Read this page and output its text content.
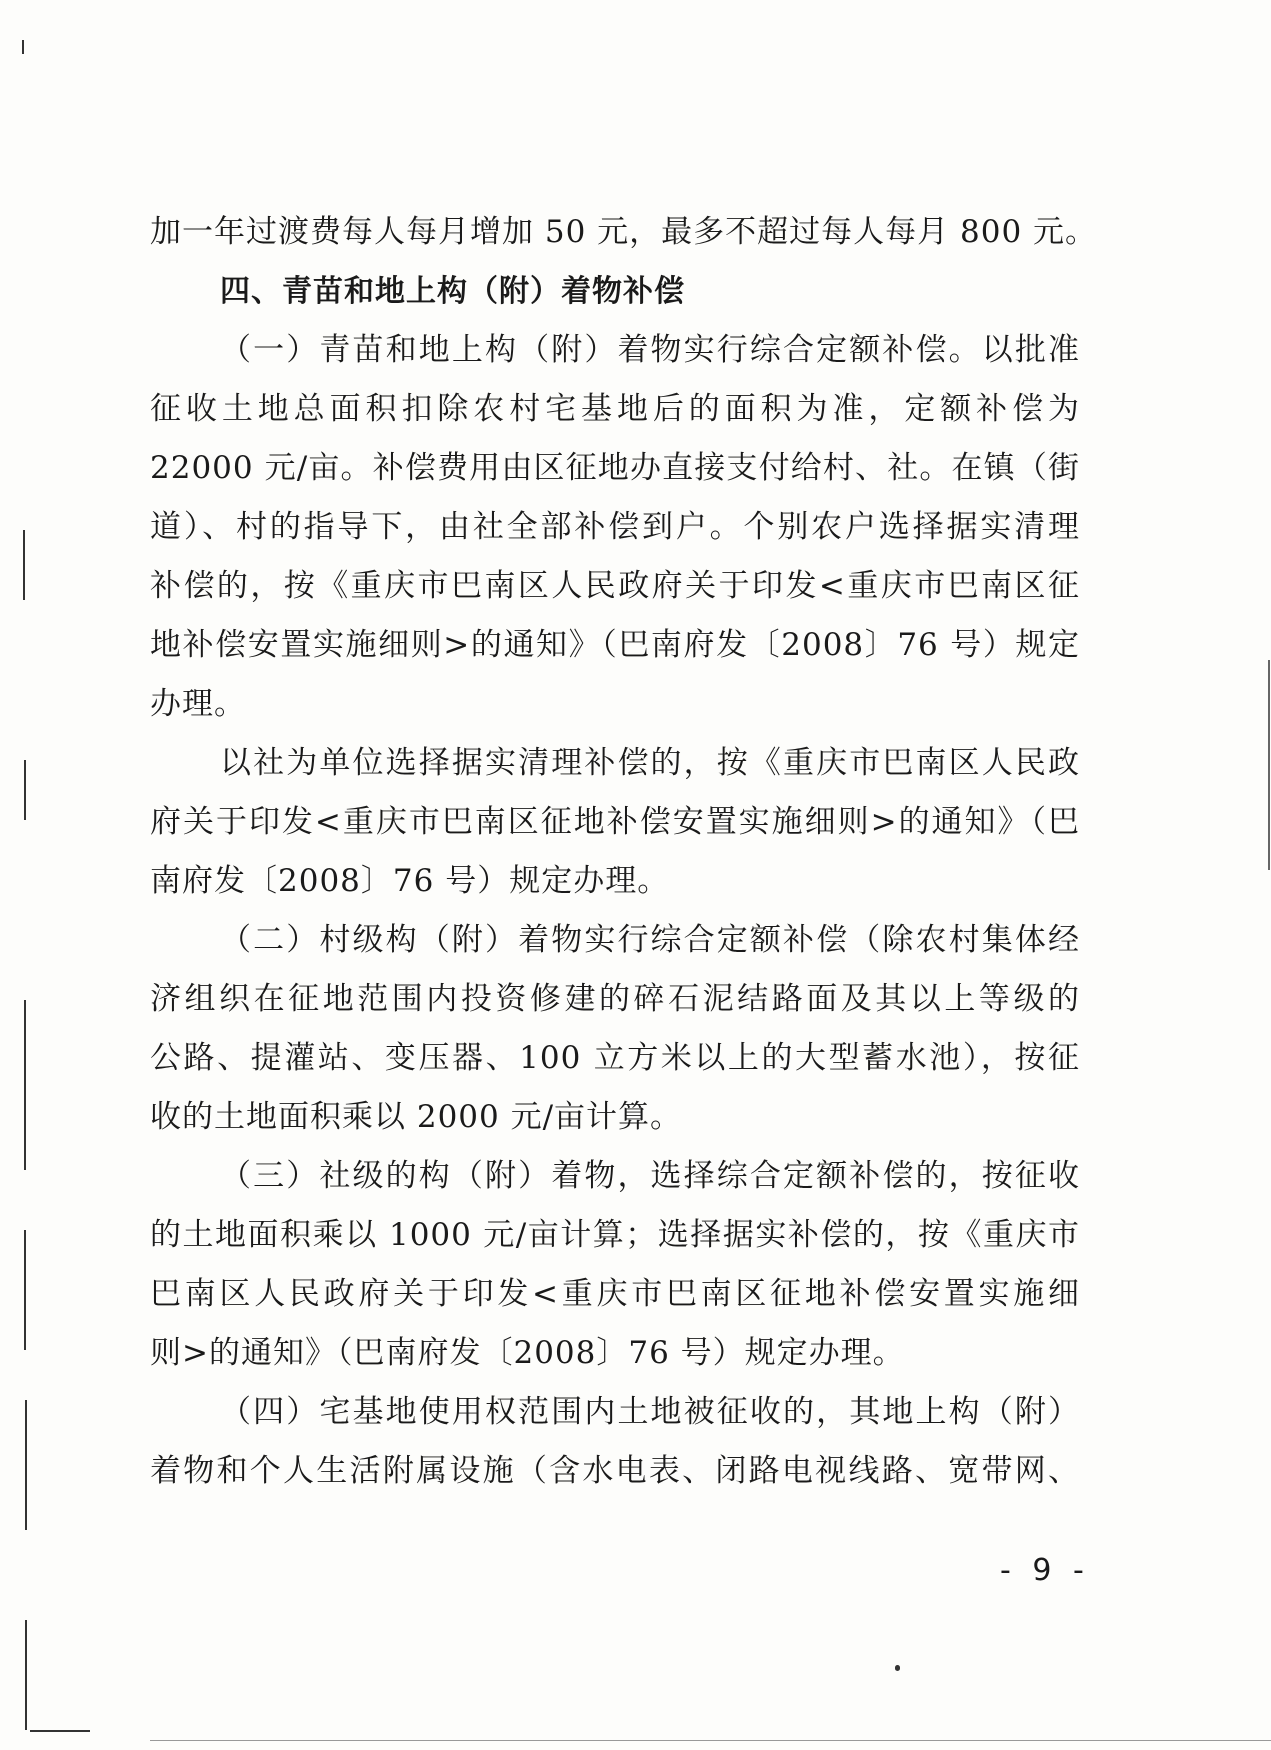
加一年过渡费每人每月增加 50 元，最多不超过每人每月 800 元。
四、青苗和地上构（附）着物补偿
（一）青苗和地上构（附）着物实行综合定额补偿。以批准
征收土地总面积扣除农村宅基地后的面积为准，定额补偿为
22000 元/亩。补偿费用由区征地办直接支付给村、社。在镇（街
道）、村的指导下，由社全部补偿到户。个别农户选择据实清理
补偿的，按《重庆市巴南区人民政府关于印发<重庆市巴南区征
地补偿安置实施细则>的通知》（巴南府发〔2008〕76 号）规定
办理。
以社为单位选择据实清理补偿的，按《重庆市巴南区人民政
府关于印发<重庆市巴南区征地补偿安置实施细则>的通知》（巴
南府发〔2008〕76 号）规定办理。
（二）村级构（附）着物实行综合定额补偿（除农村集体经
济组织在征地范围内投资修建的碎石泥结路面及其以上等级的
公路、提灌站、变压器、100 立方米以上的大型蓄水池），按征
收的土地面积乘以 2000 元/亩计算。
（三）社级的构（附）着物，选择综合定额补偿的，按征收
的土地面积乘以 1000 元/亩计算；选择据实补偿的，按《重庆市
巴南区人民政府关于印发<重庆市巴南区征地补偿安置实施细
则>的通知》（巴南府发〔2008〕76 号）规定办理。
（四）宅基地使用权范围内土地被征收的，其地上构（附）
着物和个人生活附属设施（含水电表、闭路电视线路、宽带网、
- 9 -
